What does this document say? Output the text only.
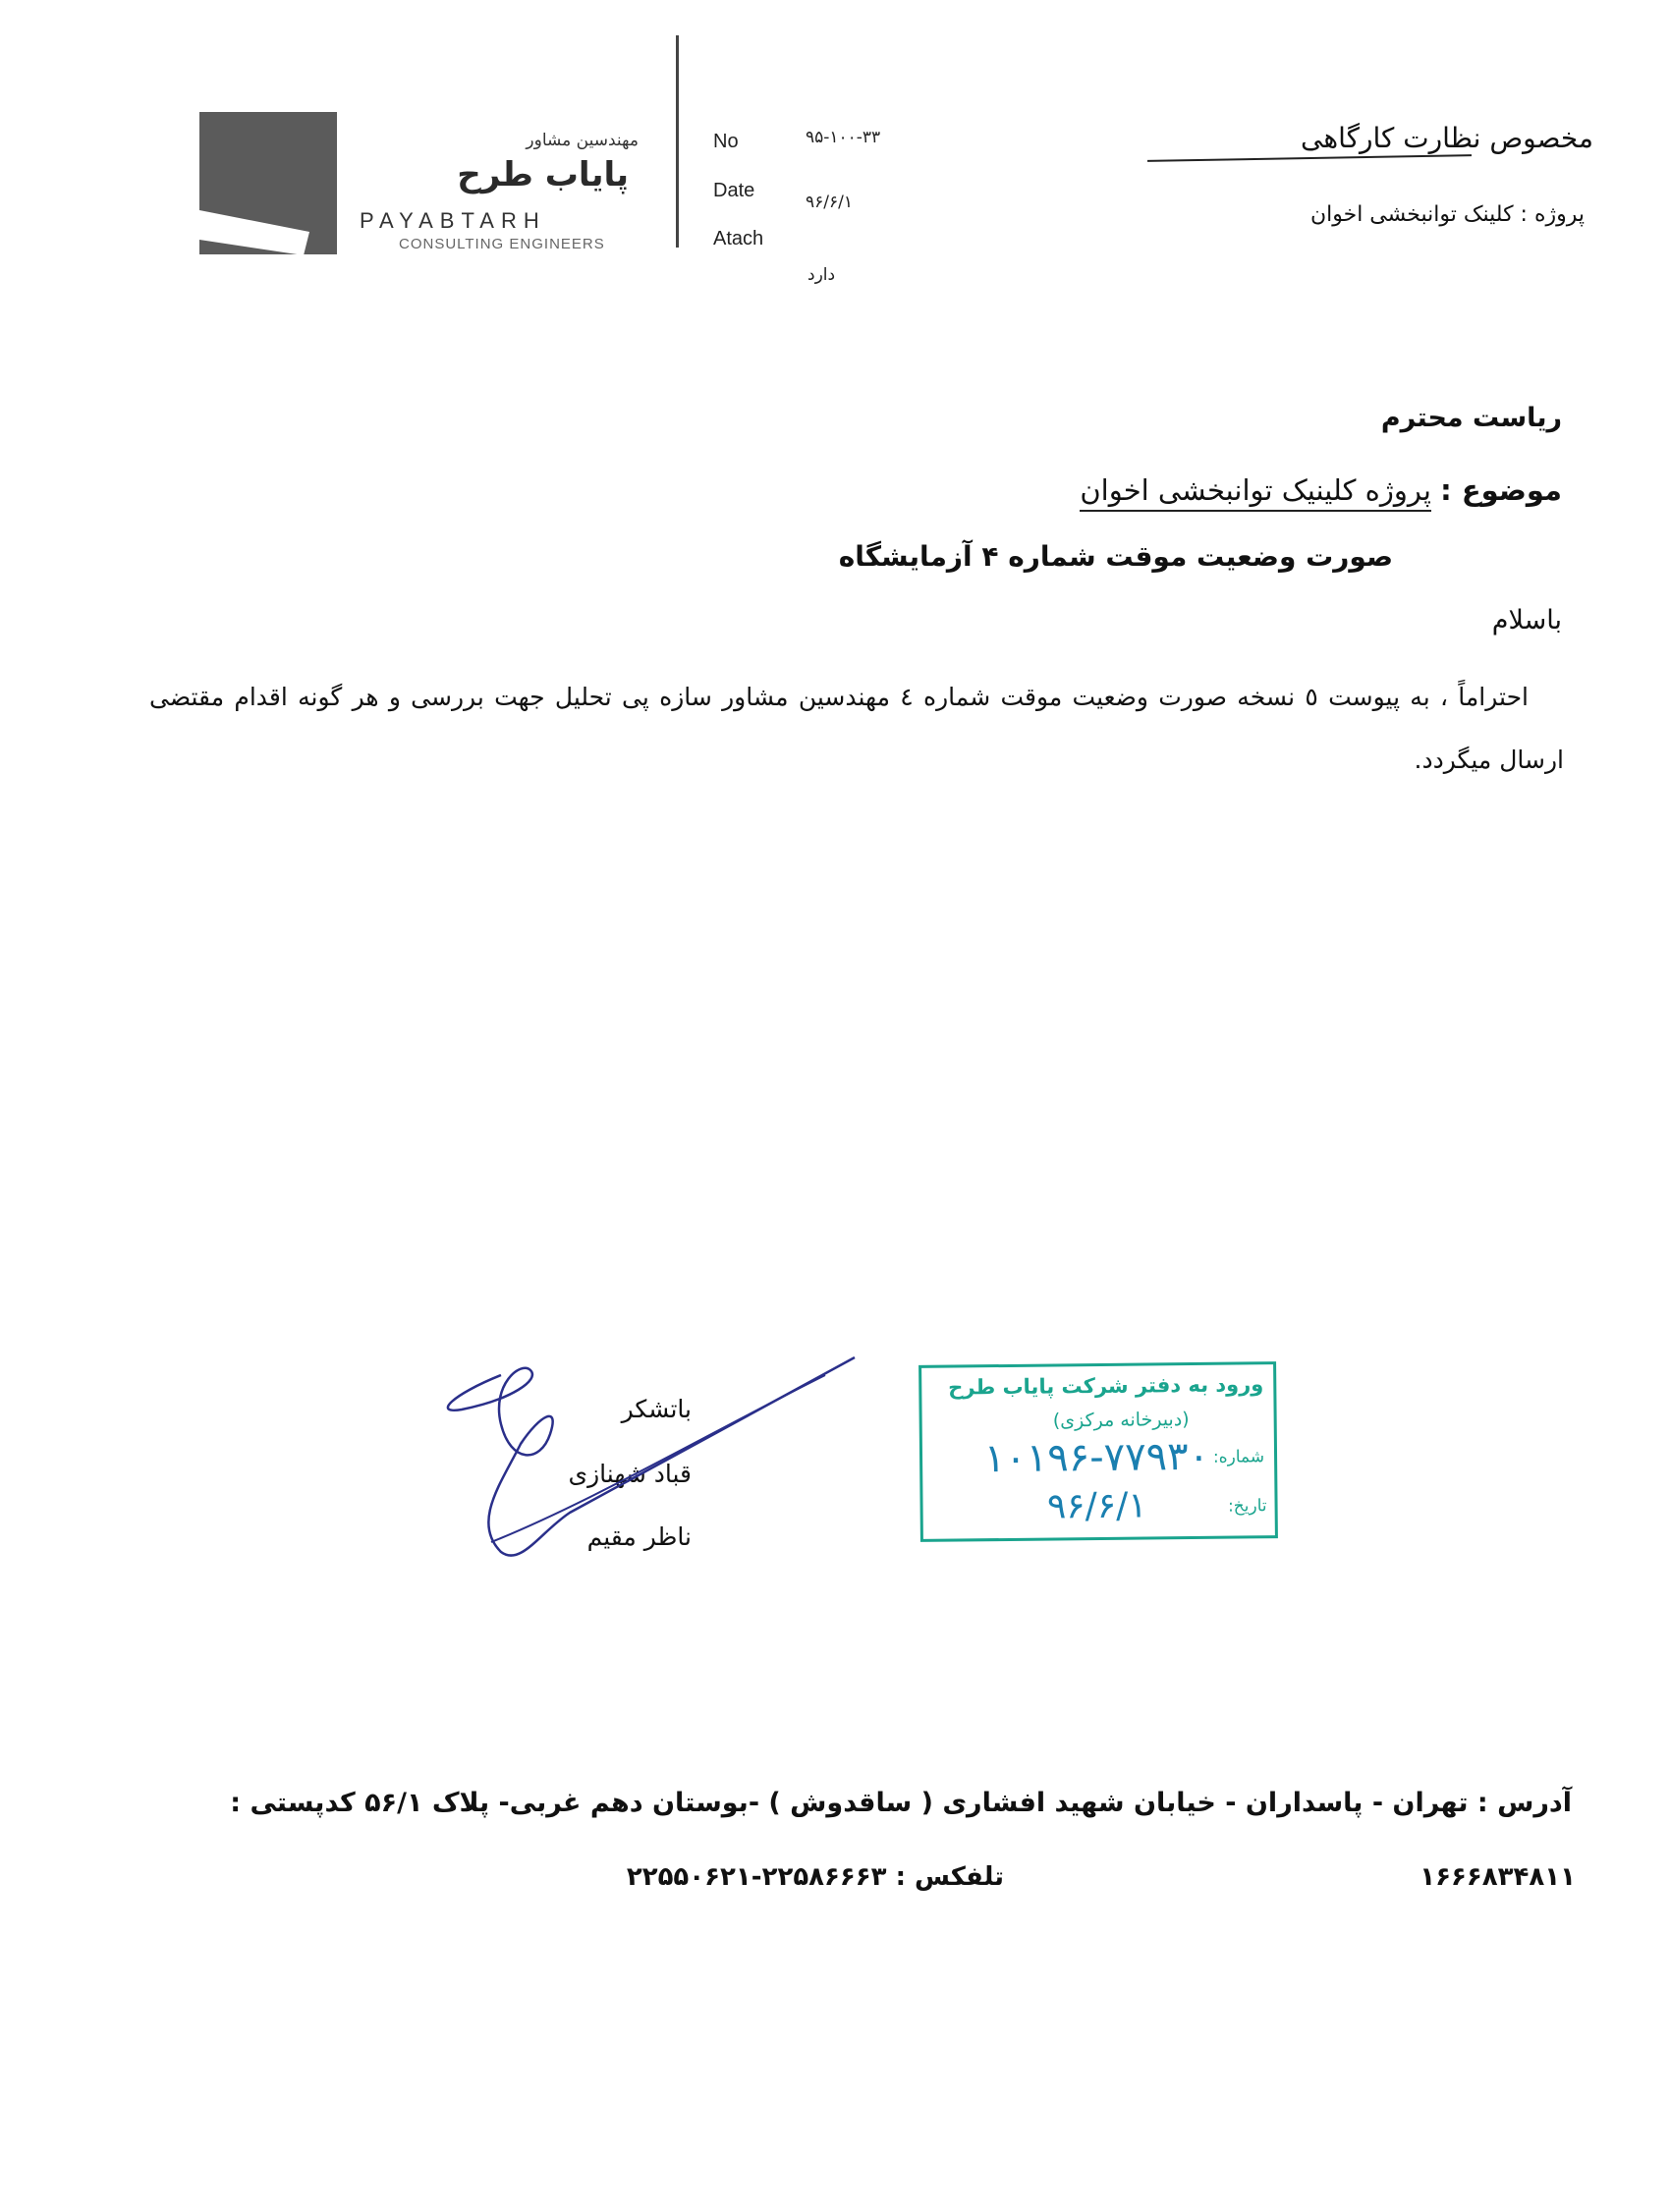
مهندسین مشاور
پایاب طرح
PAYABTARH
CONSULTING ENGINEERS
No	۹۵-۱۰۰-۳۳
Date
۹۶/۶/۱
Atach
دارد
مخصوص نظارت کارگاهی
پروژه : کلینک توانبخشی اخوان
ریاست محترم
موضوع : پروژه کلینیک توانبخشی اخوان
صورت وضعیت موقت شماره ۴ آزمایشگاه
باسلام
احتراماً ، به پیوست ٥ نسخه صورت وضعیت موقت شماره ٤ مهندسین مشاور سازه پی تحلیل جهت بررسی و هر گونه اقدام مقتضی ارسال میگردد.
باتشکر
قباد شهنازی
ناظر مقیم
ورود به دفتر شرکت پایاب طرح
(دبیرخانه مرکزی)
شماره:
۱۰۱۹۶-۷۷۹۳۰
تاریخ:
۹۶/۶/۱
آدرس : تهران - پاسداران - خیابان شهید افشاری ( ساقدوش ) -بوستان دهم غربی- پلاک ۵۶/۱ کدپستی :
۱۶۶۶۸۳۴۸۱۱
تلفکس : ۲۲۵۸۶۶۶۳-۲۲۵۵۰۶۲۱
